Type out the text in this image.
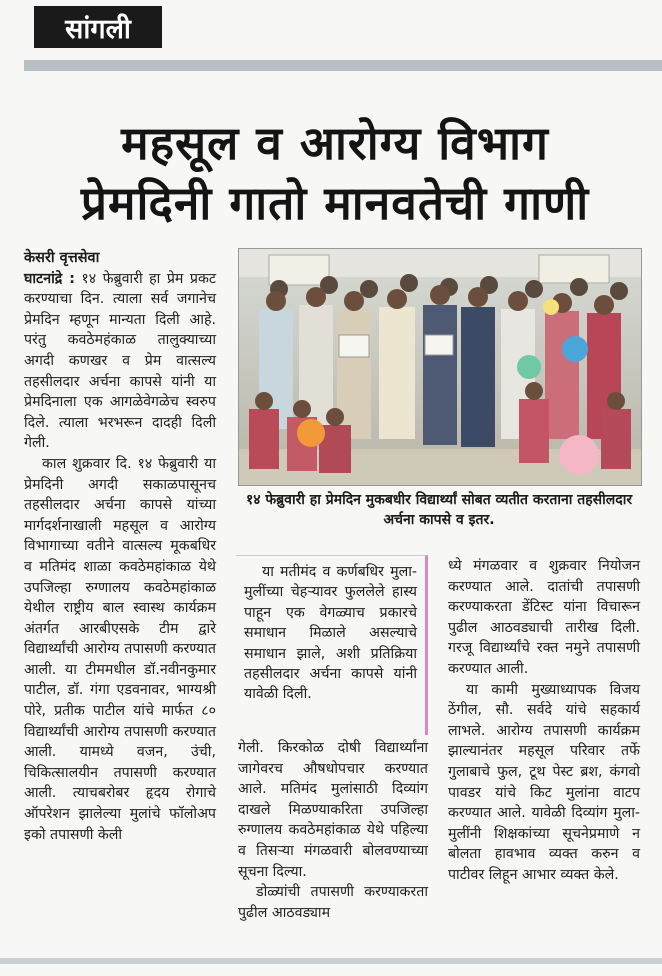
सांगली
महसूल व आरोग्य विभाग
प्रेमदिनी गातो मानवतेची गाणी
केसरी वृत्तसेवा

घाटनांद्रे : १४ फेब्रुवारी हा प्रेम प्रकट करण्याचा दिन. त्याला सर्व जगानेच प्रेमदिन म्हणून मान्यता दिली आहे. परंतु कवठेमहंकाळ तालुक्याच्या अगदी कणखर व प्रेम वात्सल्य तहसीलदार अर्चना कापसे यांनी या प्रेमदिनाला एक आगळेवेगळेच स्वरुप दिले. त्याला भरभरून दादही दिली गेली.

काल शुक्रवार दि. १४ फेब्रुवारी या प्रेमदिनी अगदी सकाळपासूनच तहसीलदार अर्चना कापसे यांच्या मार्गदर्शनाखाली महसूल व आरोग्य विभागाच्या वतीने वात्सल्य मूकबधिर व मतिमंद शाळा कवठेमहांकाळ येथे उपजिल्हा रुग्णालय कवठेमहांकाळ येथील राष्ट्रीय बाल स्वास्थ कार्यक्रम अंतर्गत आरबीएसके टीम द्वारे विद्यार्थ्यांची आरोग्य तपासणी करण्यात आली. या टीममधील डॉ.नवीनकुमार पाटील, डॉ. गंगा एडवनावर, भाग्यश्री पोरे, प्रतीक पाटील यांचे मार्फत ८० विद्यार्थ्यांची आरोग्य तपासणी करण्यात आली. यामध्ये वजन, उंची, चिकित्सालयीन तपासणी करण्यात आली. त्याचबरोबर हृदय रोगाचे ऑपरेशन झालेल्या मुलांचे फॉलोअप इको तपासणी केली

१४ फेब्रुवारी हा प्रेमदिन मुकबधीर विद्यार्थ्यां सोबत व्यतीत करताना तहसीलदार अर्चना कापसे व इतर.

या मतीमंद व कर्णबधिर मुला-मुलींच्या चेहऱ्यावर फुललेले हास्य पाहून एक वेगळ्याच प्रकारचे समाधान मिळाले असल्याचे समाधान झाले, अशी प्रतिक्रिया तहसीलदार अर्चना कापसे यांनी यावेळी दिली.

गेली. किरकोळ दोषी विद्यार्थ्यांना जागेवरच औषधोपचार करण्यात आले. मतिमंद मुलांसाठी दिव्यांग दाखले मिळण्याकरिता उपजिल्हा रुग्णालय कवठेमहांकाळ येथे पहिल्या व तिसऱ्या मंगळवारी बोलवण्याच्या सूचना दिल्या.

डोळ्यांची तपासणी करण्याकरता पुढील आठवड्याम

ध्ये मंगळवार व शुक्रवार नियोजन करण्यात आले. दातांची तपासणी करण्याकरता डेंटिस्ट यांना विचारून पुढील आठवड्याची तारीख दिली. गरजू विद्यार्थ्यांचे रक्त नमुने तपासणी करण्यात आली.

या कामी मुख्याध्यापक विजय ठेंगील, सौ. सर्वदे यांचे सहकार्य लाभले. आरोग्य तपासणी कार्यक्रम झाल्यानंतर महसूल परिवार तर्फे गुलाबाचे फुल, टूथ पेस्ट ब्रश, कंगवो पावडर यांचे किट मुलांना वाटप करण्यात आले. यावेळी दिव्यांग मुला-मुलींनी शिक्षकांच्या सूचनेप्रमाणे न बोलता हावभाव व्यक्त करुन व पाटीवर लिहून आभार व्यक्त केले.
